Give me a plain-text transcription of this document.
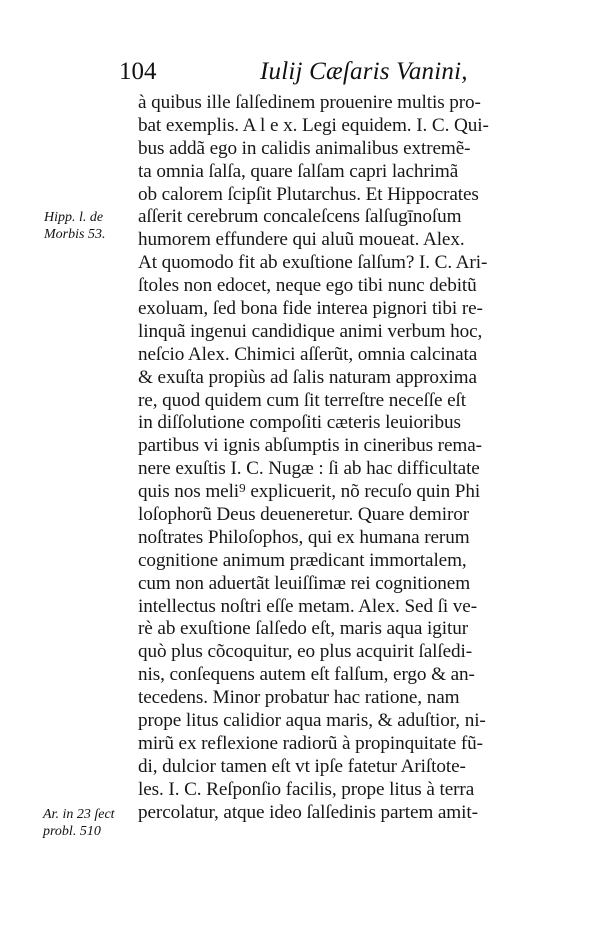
104	Iulij Cæſaris Vanini,
à quibus ille ſalſedinem prouenire multis pro-
bat exemplis. A l e x. Legi equidem. I. C. Qui-
bus addã ego in calidis animalibus extremẽ-
ta omnia ſalſa, quare ſalſam capri lachrimã
ob calorem ſcipſit Plutarchus. Et Hippocrates
aſſerit cerebrum concaleſcens ſalſugīnoſum
humorem effundere qui aluũ moueat. Alex.
At quomodo fit ab exuſtione ſalſum? I. C. Ari-
ſtoles non edocet, neque ego tibi nunc debitũ
exoluam, ſed bona fide interea pignori tibi re-
linquã ingenui candidique animi verbum hoc,
neſcio Alex. Chimici aſſerũt, omnia calcinata
& exuſta propiùs ad ſalis naturam approxima
re, quod quidem cum ſit terreſtre neceſſe eſt
in diſſolutione compoſiti cæteris leuioribus
partibus vi ignis abſumptis in cineribus rema-
nere exuſtis I. C. Nugæ : ſi ab hac difficultate
quis nos meli⁹ explicuerit, nõ recuſo quin Phi
loſophorũ Deus deueneretur. Quare demiror
noſtrates Philoſophos, qui ex humana rerum
cognitione animum prædicant immortalem,
cum non aduertãt leuiſſimæ rei cognitionem
intellectus noſtri eſſe metam. Alex. Sed ſi ve-
rè ab exuſtione ſalſedo eſt, maris aqua igitur
quò plus cõcoquitur, eo plus acquirit ſalſedi-
nis, conſequens autem eſt falſum, ergo & an-
tecedens. Minor probatur hac ratione, nam
prope litus calidior aqua maris, & aduſtior, ni-
mirũ ex reflexione radiorũ à propinquitate fũ-
di, dulcior tamen eſt vt ipſe fatetur Ariſtote-
les. I. C. Reſponſio facilis, prope litus à terra
percolatur, atque ideo ſalſedinis partem amit-
Hipp. l. de
Morbis 53.
Ar. in 23 ſect
probl. 510
